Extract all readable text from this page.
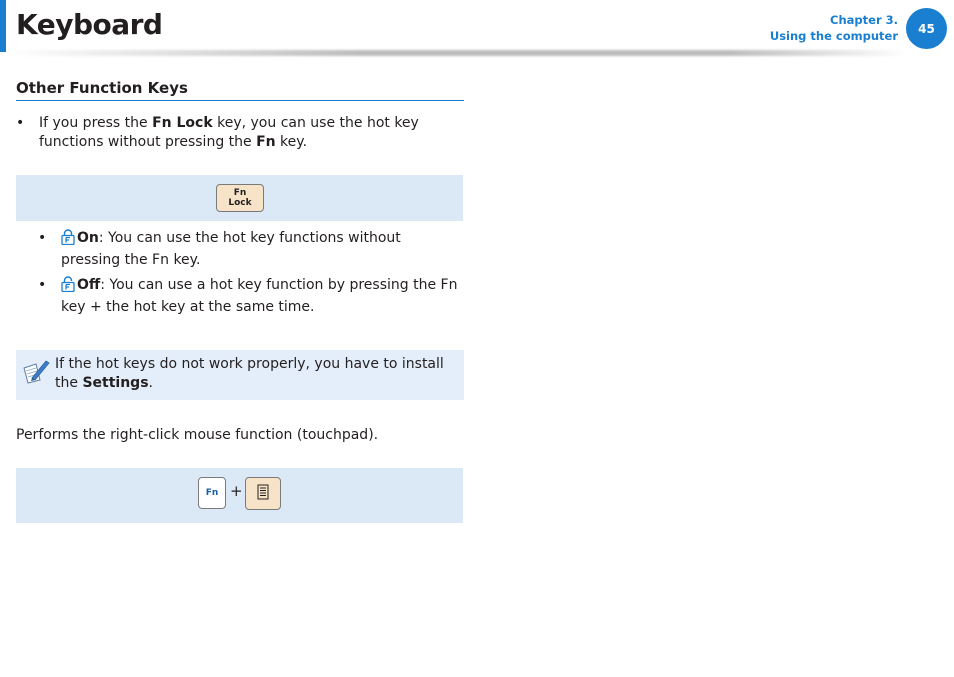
Keyboard	Chapter 3.
Using the computer
45
Other Function Keys
• If you press the Fn Lock key, you can use the hot key functions without pressing the Fn key.
Fn
Lock
•	On: You can use the hot key functions without pressing the Fn key.
•	Off: You can use a hot key function by pressing the Fn key + the hot key at the same time.
If the hot keys do not work properly, you have to install the Settings.
Performs the right-click mouse function (touchpad).
Fn +
